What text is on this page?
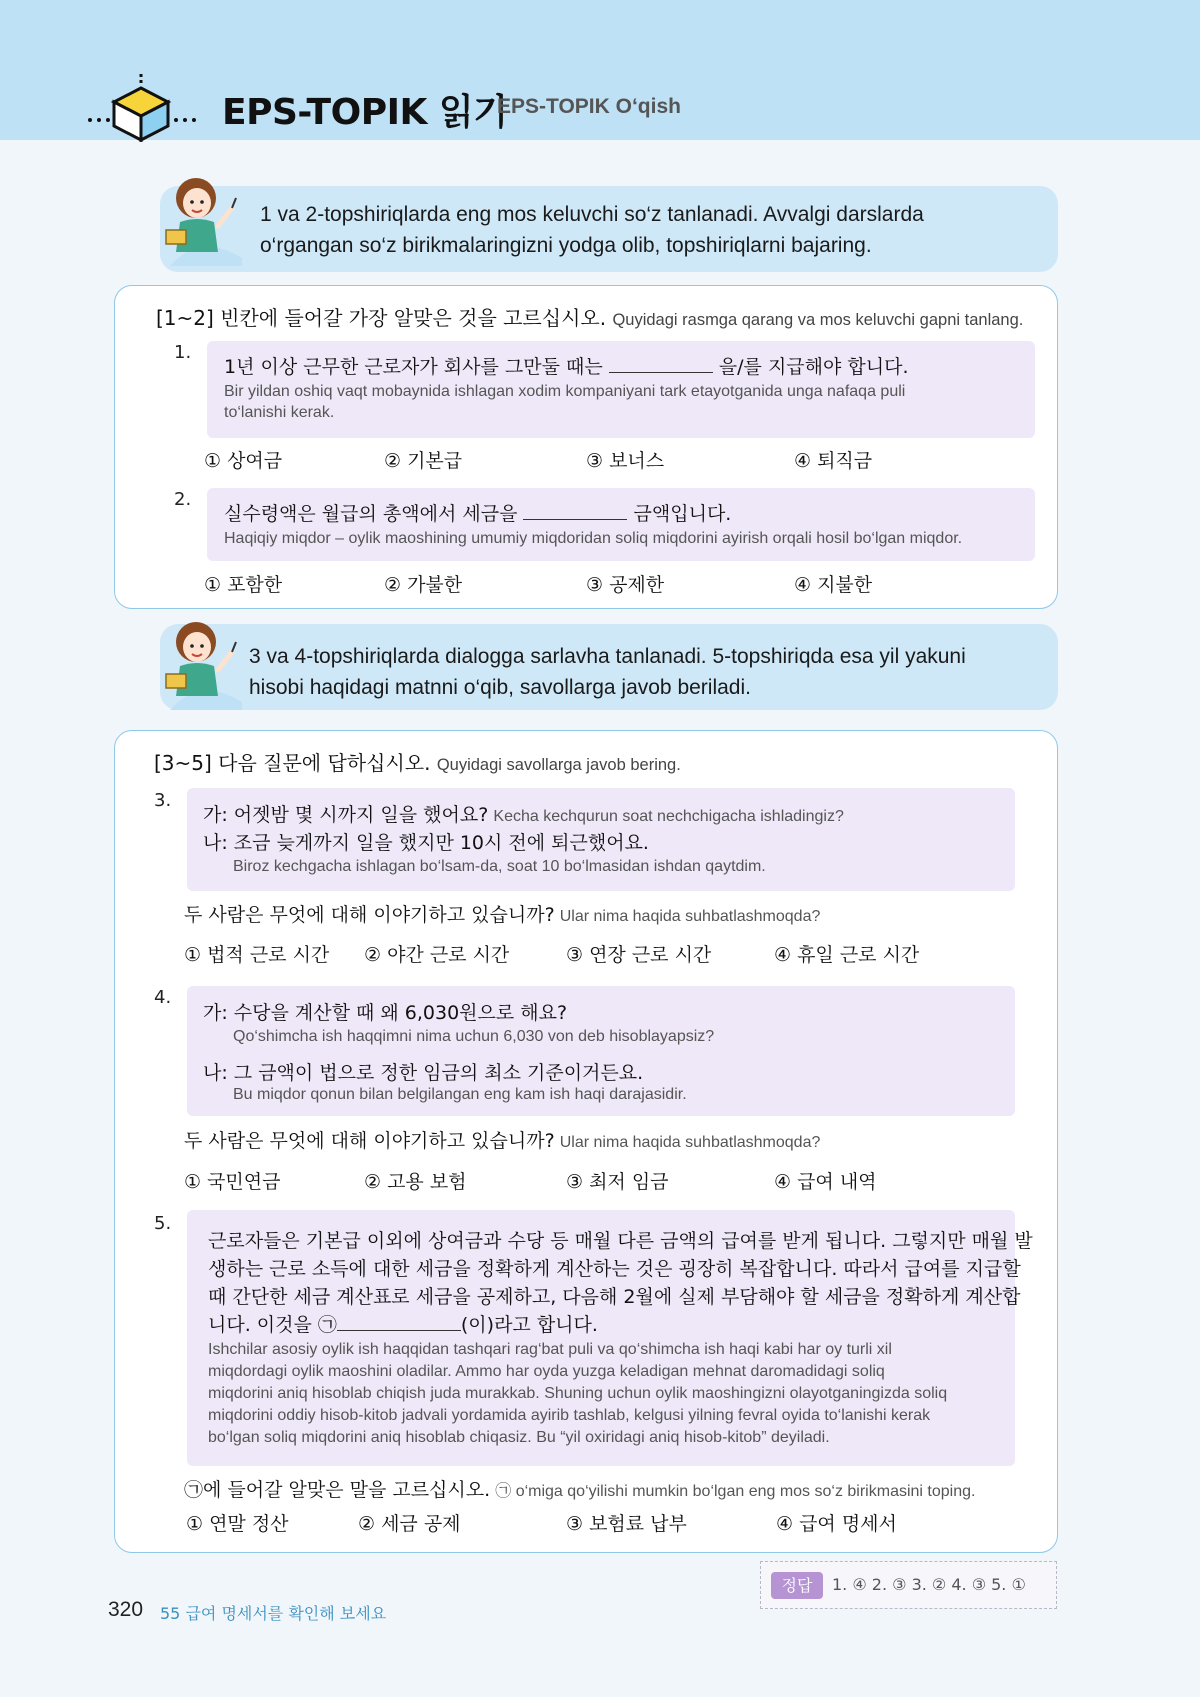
EPS-TOPIK 읽기
EPS-TOPIK O‘qish
1 va 2-topshiriqlarda eng mos keluvchi so‘z tanlanadi. Avvalgi darslarda
o‘rgangan so‘z birikmalaringizni yodga olib, topshiriqlarni bajaring.
[1~2] 빈칸에 들어갈 가장 알맞은 것을 고르십시오. Quyidagi rasmga qarang va mos keluvchi gapni tanlang.
1.
1년 이상 근무한 근로자가 회사를 그만둘 때는	을/를 지급해야 합니다.
Bir yildan oshiq vaqt mobaynida ishlagan xodim kompaniyani tark etayotganida unga nafaqa puli
to‘lanishi kerak.
① 상여금	② 기본급	③ 보너스	④ 퇴직금
2.
실수령액은 월급의 총액에서 세금을	금액입니다.
Haqiqiy miqdor – oylik maoshining umumiy miqdoridan soliq miqdorini ayirish orqali hosil bo‘lgan miqdor.
① 포함한	② 가불한	③ 공제한	④ 지불한
3 va 4-topshiriqlarda dialogga sarlavha tanlanadi. 5-topshiriqda esa yil yakuni
hisobi haqidagi matnni o‘qib, savollarga javob beriladi.
[3~5] 다음 질문에 답하십시오. Quyidagi savollarga javob bering.
3.
가: 어젯밤 몇 시까지 일을 했어요? Kecha kechqurun soat nechchigacha ishladingiz?
나: 조금 늦게까지 일을 했지만 10시 전에 퇴근했어요.
Biroz kechgacha ishlagan bo‘lsam-da, soat 10 bo‘lmasidan ishdan qaytdim.
두 사람은 무엇에 대해 이야기하고 있습니까? Ular nima haqida suhbatlashmoqda?
① 법적 근로 시간 ② 야간 근로 시간	③ 연장 근로 시간	④ 휴일 근로 시간
4.
가: 수당을 계산할 때 왜 6,030원으로 해요?
Qo‘shimcha ish haqqimni nima uchun 6,030 von deb hisoblayapsiz?
나: 그 금액이 법으로 정한 임금의 최소 기준이거든요.
Bu miqdor qonun bilan belgilangan eng kam ish haqi darajasidir.
두 사람은 무엇에 대해 이야기하고 있습니까? Ular nima haqida suhbatlashmoqda?
① 국민연금	② 고용 보험	③ 최저 임금	④ 급여 내역
5.
근로자들은 기본급 이외에 상여금과 수당 등 매월 다른 금액의 급여를 받게 됩니다. 그렇지만 매월 발
생하는 근로 소득에 대한 세금을 정확하게 계산하는 것은 굉장히 복잡합니다. 따라서 급여를 지급할
때 간단한 세금 계산표로 세금을 공제하고, 다음해 2월에 실제 부담해야 할 세금을 정확하게 계산합
니다. 이것을 ㉠	(이)라고 합니다.
Ishchilar asosiy oylik ish haqqidan tashqari rag‘bat puli va qo‘shimcha ish haqi kabi har oy turli xil
miqdordagi oylik maoshini oladilar. Ammo har oyda yuzga keladigan mehnat daromadidagi soliq
miqdorini aniq hisoblab chiqish juda murakkab. Shuning uchun oylik maoshingizni olayotganingizda soliq
miqdorini oddiy hisob-kitob jadvali yordamida ayirib tashlab, kelgusi yilning fevral oyida to‘lanishi kerak
bo‘lgan soliq miqdorini aniq hisoblab chiqasiz. Bu “yil oxiridagi aniq hisob-kitob” deyiladi.
㉠에 들어갈 알맞은 말을 고르십시오. ㉠ o‘miga qo‘yilishi mumkin bo‘lgan eng mos so‘z birikmasini toping.
① 연말 정산	② 세금 공제	③ 보험료 납부	④ 급여 명세서
정답	1. ④ 2. ③ 3. ② 4. ③ 5. ①
320 55 급여 명세서를 확인해 보세요
